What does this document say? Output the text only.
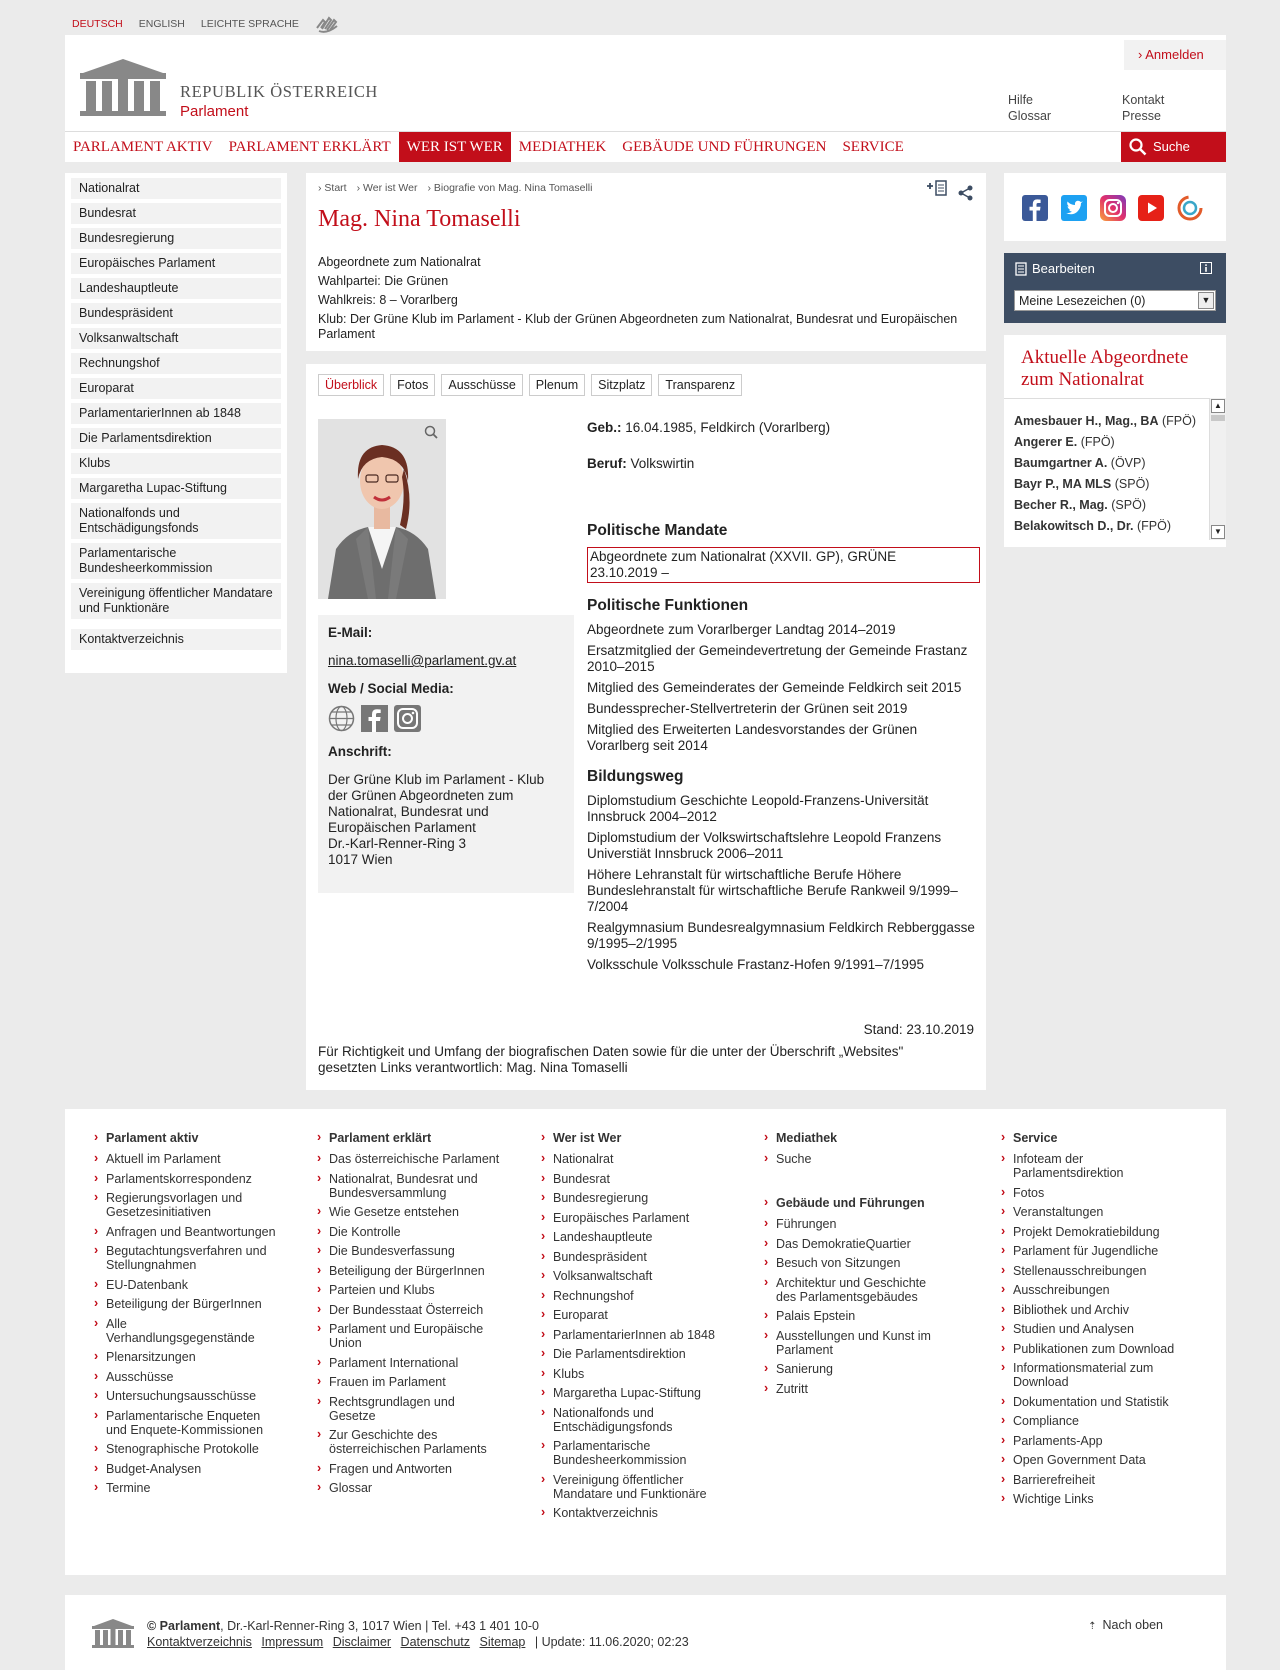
DEUTSCH ENGLISH LEICHTE SPRACHE
REPUBLIK ÖSTERREICH
Parlament
› Anmelden
Hilfe
Glossar
Kontakt
Presse
PARLAMENT AKTIV	PARLAMENT ERKLÄRT	WER IST WER	MEDIATHEK	GEBÄUDE UND FÜHRUNGEN	SERVICE	Suche
Nationalrat
Bundesrat
Bundesregierung
Europäisches Parlament
Landeshauptleute
Bundespräsident
Volksanwaltschaft
Rechnungshof
Europarat
ParlamentarierInnen ab 1848
Die Parlamentsdirektion
Klubs
Margaretha Lupac-Stiftung
Nationalfonds und Entschädigungsfonds
Parlamentarische Bundesheerkommission
Vereinigung öffentlicher Mandatare und Funktionäre
Kontaktverzeichnis
› Start	› Wer ist Wer	› Biografie von Mag. Nina Tomaselli
Mag. Nina Tomaselli
Abgeordnete zum Nationalrat
Wahlpartei: Die Grünen
Wahlkreis: 8 – Vorarlberg
Klub: Der Grüne Klub im Parlament - Klub der Grünen Abgeordneten zum Nationalrat, Bundesrat und Europäischen Parlament
Überblick	Fotos	Ausschüsse	Plenum	Sitzplatz	Transparenz
E-Mail:
nina.tomaselli@parlament.gv.at
Web / Social Media:
Anschrift:
Der Grüne Klub im Parlament - Klub der Grünen Abgeordneten zum Nationalrat, Bundesrat und Europäischen Parlament
Dr.-Karl-Renner-Ring 3
1017 Wien

Geb.: 16.04.1985, Feldkirch (Vorarlberg)

Beruf: Volkswirtin

Politische Mandate
Abgeordnete zum Nationalrat (XXVII. GP), GRÜNE
23.10.2019 –
Politische Funktionen

Abgeordnete zum Vorarlberger Landtag 2014–2019

Ersatzmitglied der Gemeindevertretung der Gemeinde Frastanz 2010–2015

Mitglied des Gemeinderates der Gemeinde Feldkirch seit 2015

Bundessprecher-Stellvertreterin der Grünen seit 2019

Mitglied des Erweiterten Landesvorstandes der Grünen Vorarlberg seit 2014

Bildungsweg

Diplomstudium Geschichte Leopold-Franzens-Universität Innsbruck 2004–2012

Diplomstudium der Volkswirtschaftslehre Leopold Franzens Universtiät Innsbruck 2006–2011

Höhere Lehranstalt für wirtschaftliche Berufe Höhere Bundeslehranstalt für wirtschaftliche Berufe Rankweil 9/1999–7/2004

Realgymnasium Bundesrealgymnasium Feldkirch Rebberggasse 9/1995–2/1995

Volksschule Volksschule Frastanz-Hofen 9/1991–7/1995

Stand: 23.10.2019
Für Richtigkeit und Umfang der biografischen Daten sowie für die unter der Überschrift „Websites" gesetzten Links verantwortlich: Mag. Nina Tomaselli
Bearbeiten
Meine Lesezeichen (0)	▼
Aktuelle Abgeordnete zum Nationalrat
Amesbauer H., Mag., BA (FPÖ)
Angerer E. (FPÖ)
Baumgartner A. (ÖVP)
Bayr P., MA MLS (SPÖ)
Becher R., Mag. (SPÖ)
Belakowitsch D., Dr. (FPÖ)
▲
▼
› Parlament aktiv
› Aktuell im Parlament
› Parlamentskorrespondenz
› Regierungsvorlagen und Gesetzesinitiativen
› Anfragen und Beantwortungen
› Begutachtungsverfahren und Stellungnahmen
› EU-Datenbank
› Beteiligung der BürgerInnen
› Alle Verhandlungsgegenstände
› Plenarsitzungen
› Ausschüsse
› Untersuchungsausschüsse
› Parlamentarische Enqueten und Enquete-Kommissionen
› Stenographische Protokolle
› Budget-Analysen
› Termine
› Parlament erklärt
› Das österreichische Parlament
› Nationalrat, Bundesrat und Bundesversammlung
› Wie Gesetze entstehen
› Die Kontrolle
› Die Bundesverfassung
› Beteiligung der BürgerInnen
› Parteien und Klubs
› Der Bundesstaat Österreich
› Parlament und Europäische Union
› Parlament International
› Frauen im Parlament
› Rechtsgrundlagen und Gesetze
› Zur Geschichte des österreichischen Parlaments
› Fragen und Antworten
› Glossar
› Wer ist Wer
› Nationalrat
› Bundesrat
› Bundesregierung
› Europäisches Parlament
› Landeshauptleute
› Bundespräsident
› Volksanwaltschaft
› Rechnungshof
› Europarat
› ParlamentarierInnen ab 1848
› Die Parlamentsdirektion
› Klubs
› Margaretha Lupac-Stiftung
› Nationalfonds und Entschädigungsfonds
› Parlamentarische Bundesheerkommission
› Vereinigung öffentlicher Mandatare und Funktionäre
› Kontaktverzeichnis
› Mediathek
› Suche
› Gebäude und Führungen
› Führungen
› Das DemokratieQuartier
› Besuch von Sitzungen
› Architektur und Geschichte des Parlamentsgebäudes
› Palais Epstein
› Ausstellungen und Kunst im Parlament
› Sanierung
› Zutritt
› Service
› Infoteam der Parlamentsdirektion
› Fotos
› Veranstaltungen
› Projekt Demokratiebildung
› Parlament für Jugendliche
› Stellenausschreibungen
› Ausschreibungen
› Bibliothek und Archiv
› Studien und Analysen
› Publikationen zum Download
› Informationsmaterial zum Download
› Dokumentation und Statistik
› Compliance
› Parlaments-App
› Open Government Data
› Barrierefreiheit
› Wichtige Links
© Parlament, Dr.-Karl-Renner-Ring 3, 1017 Wien | Tel. +43 1 401 10-0
Kontaktverzeichnis Impressum Disclaimer Datenschutz Sitemap | Update: 11.06.2020; 02:23
⇡ Nach oben
